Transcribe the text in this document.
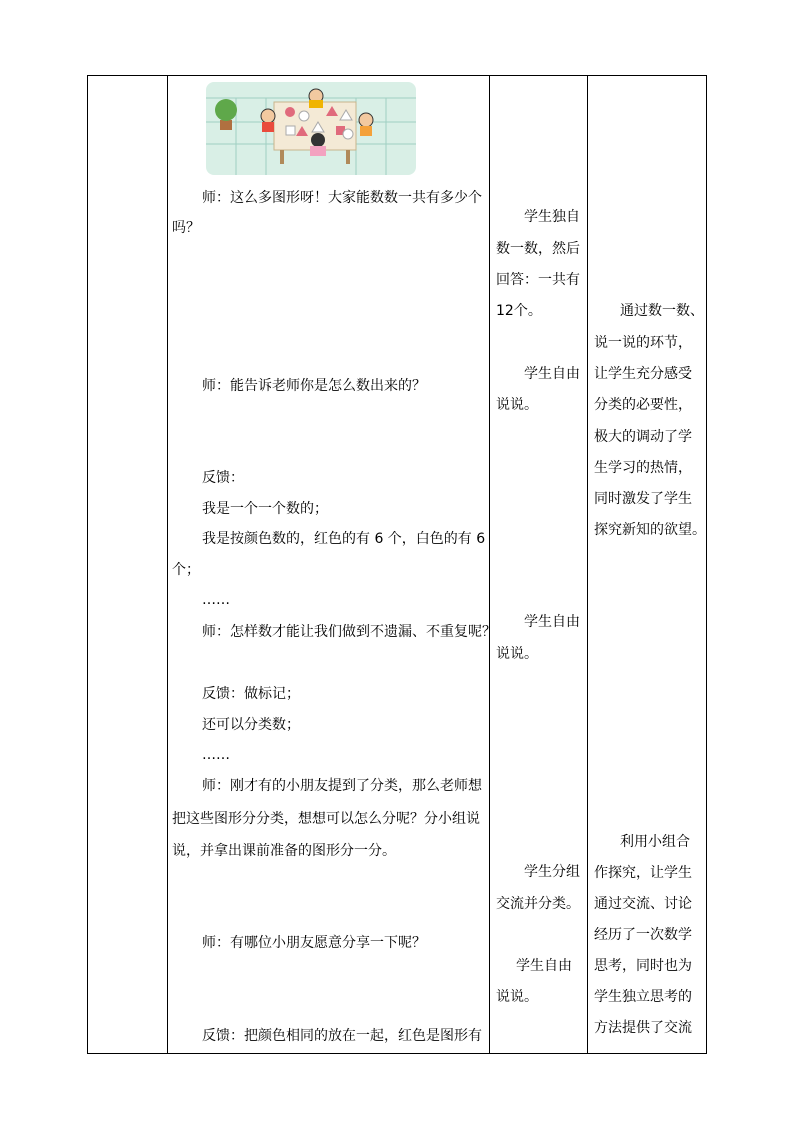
师：这么多图形呀！大家能数数一共有多少个
吗？
师：能告诉老师你是怎么数出来的？
反馈：
我是一个一个数的；
我是按颜色数的，红色的有 6 个，白色的有 6
个；
……
师：怎样数才能让我们做到不遗漏、不重复呢？
反馈：做标记；
还可以分类数；
……
师：刚才有的小朋友提到了分类，那么老师想
把这些图形分分类，想想可以怎么分呢？分小组说
说，并拿出课前准备的图形分一分。
师：有哪位小朋友愿意分享一下呢？
反馈：把颜色相同的放在一起，红色是图形有
学生独自
数一数，然后
回答：一共有
12个。
学生自由
说说。
学生自由
说说。
学生分组
交流并分类。
学生自由
说说。
通过数一数、
说一说的环节，
让学生充分感受
分类的必要性，
极大的调动了学
生学习的热情，
同时激发了学生
探究新知的欲望。
利用小组合
作探究，让学生
通过交流、讨论
经历了一次数学
思考，同时也为
学生独立思考的
方法提供了交流
